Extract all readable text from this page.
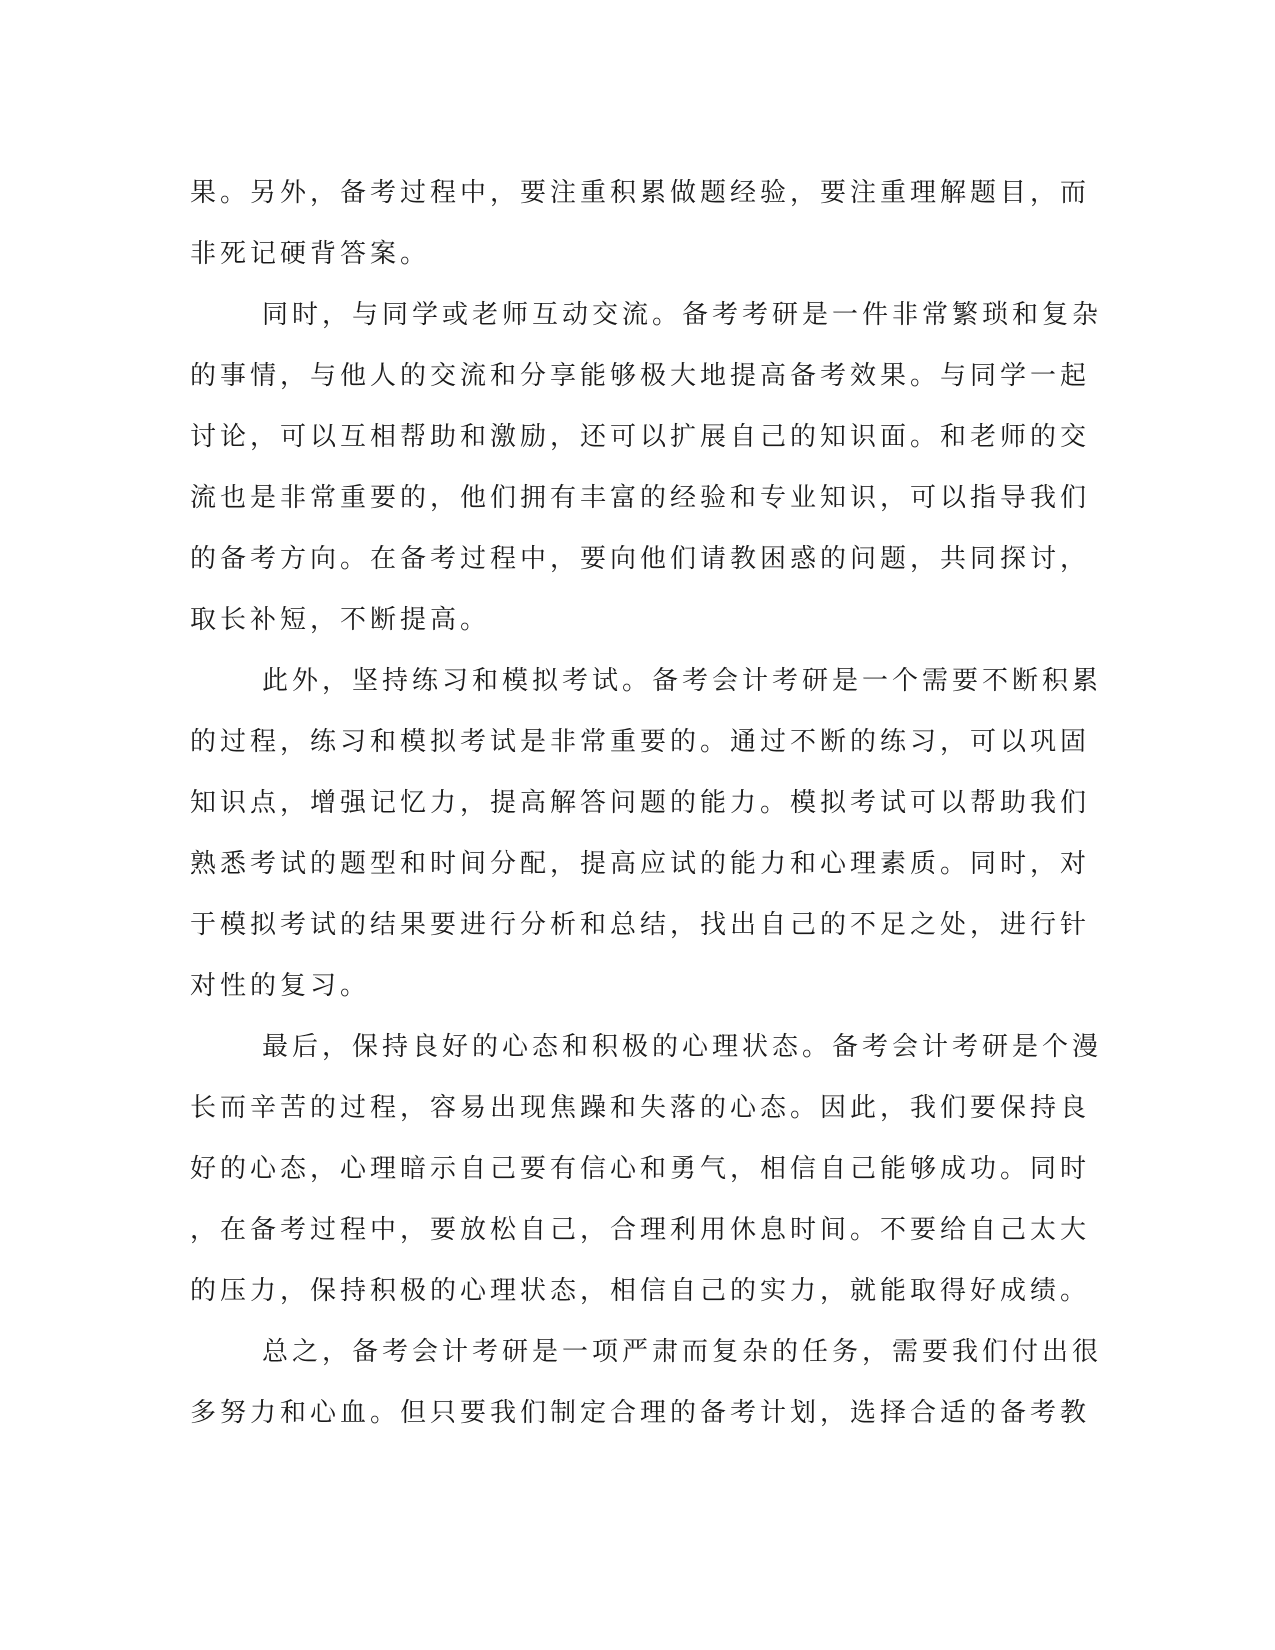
果。另外，备考过程中，要注重积累做题经验，要注重理解题目，而
非死记硬背答案。
同时，与同学或老师互动交流。备考考研是一件非常繁琐和复杂
的事情，与他人的交流和分享能够极大地提高备考效果。与同学一起
讨论，可以互相帮助和激励，还可以扩展自己的知识面。和老师的交
流也是非常重要的，他们拥有丰富的经验和专业知识，可以指导我们
的备考方向。在备考过程中，要向他们请教困惑的问题，共同探讨，
取长补短，不断提高。
此外，坚持练习和模拟考试。备考会计考研是一个需要不断积累
的过程，练习和模拟考试是非常重要的。通过不断的练习，可以巩固
知识点，增强记忆力，提高解答问题的能力。模拟考试可以帮助我们
熟悉考试的题型和时间分配，提高应试的能力和心理素质。同时，对
于模拟考试的结果要进行分析和总结，找出自己的不足之处，进行针
对性的复习。
最后，保持良好的心态和积极的心理状态。备考会计考研是个漫
长而辛苦的过程，容易出现焦躁和失落的心态。因此，我们要保持良
好的心态，心理暗示自己要有信心和勇气，相信自己能够成功。同时
，在备考过程中，要放松自己，合理利用休息时间。不要给自己太大
的压力，保持积极的心理状态，相信自己的实力，就能取得好成绩。
总之，备考会计考研是一项严肃而复杂的任务，需要我们付出很
多努力和心血。但只要我们制定合理的备考计划，选择合适的备考教
